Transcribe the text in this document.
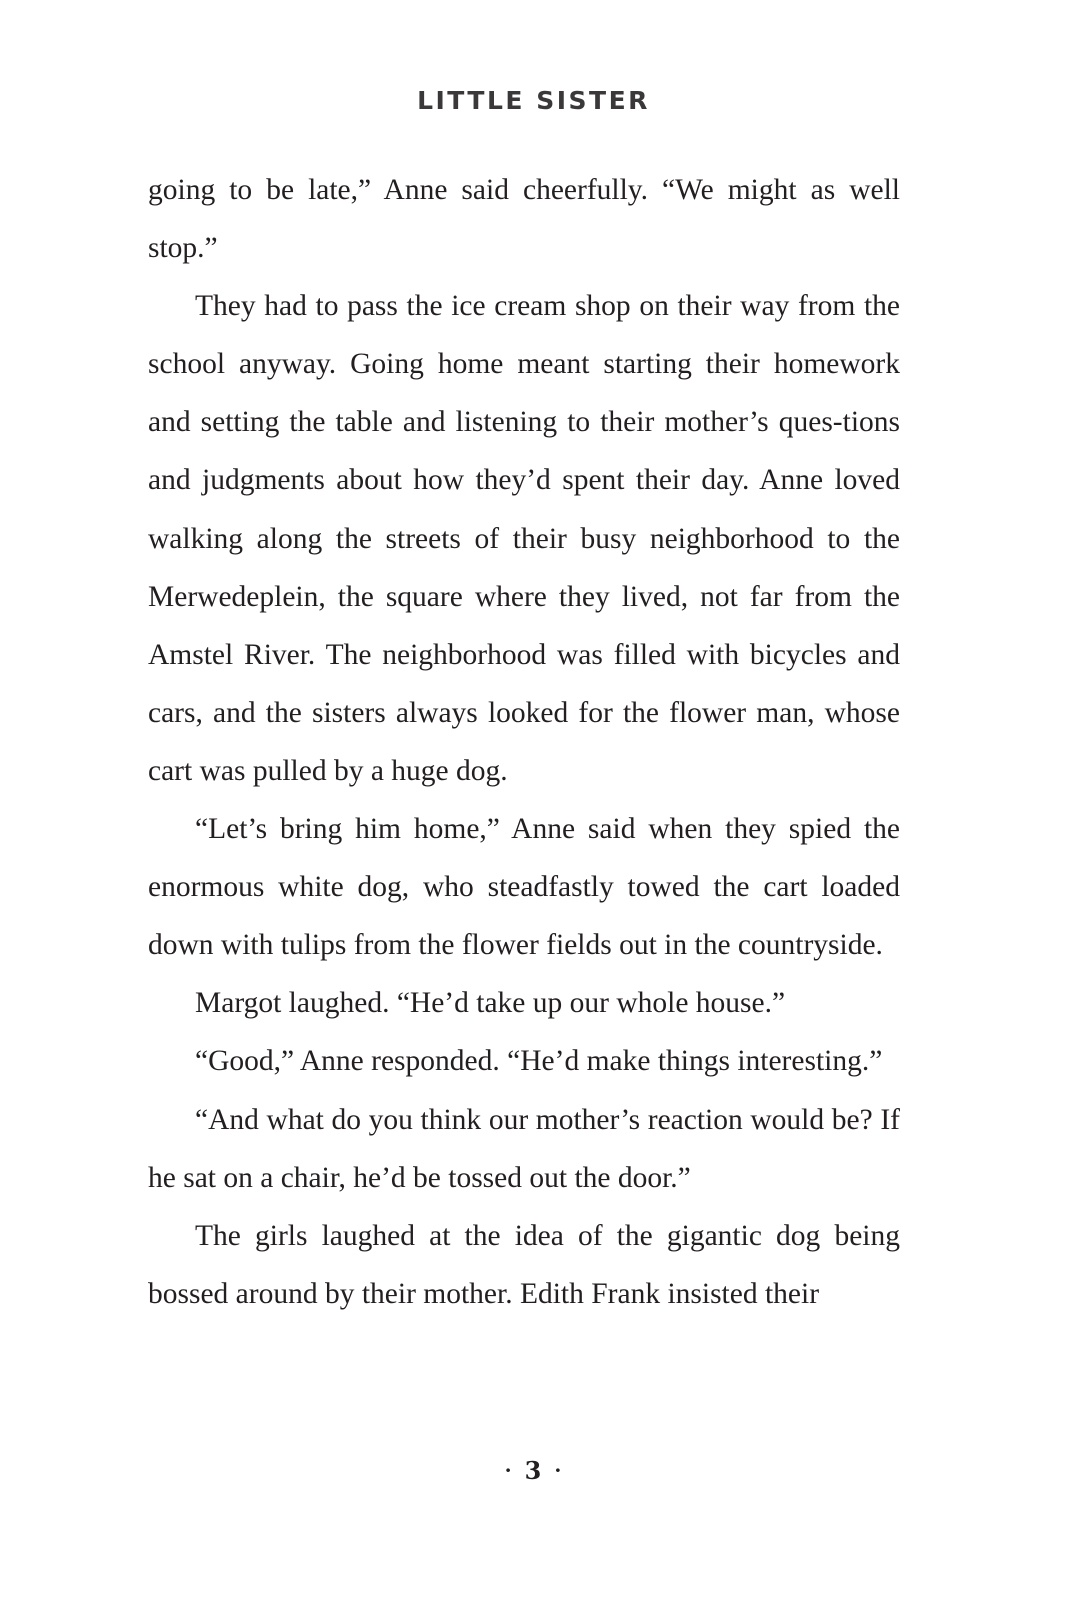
LITTLE SISTER

going to be late,” Anne said cheerfully. “We might as well stop.”

They had to pass the ice cream shop on their way from the school anyway. Going home meant starting their homework and setting the table and listening to their mother’s ques-tions and judgments about how they’d spent their day. Anne loved walking along the streets of their busy neighborhood to the Merwedeplein, the square where they lived, not far from the Amstel River. The neighborhood was filled with bicycles and cars, and the sisters always looked for the flower man, whose cart was pulled by a huge dog.

“Let’s bring him home,” Anne said when they spied the enormous white dog, who steadfastly towed the cart loaded down with tulips from the flower fields out in the countryside.

Margot laughed. “He’d take up our whole house.”

“Good,” Anne responded. “He’d make things interesting.”

“And what do you think our mother’s reaction would be? If he sat on a chair, he’d be tossed out the door.”

The girls laughed at the idea of the gigantic dog being bossed around by their mother. Edith Frank insisted their

· 3 ·
